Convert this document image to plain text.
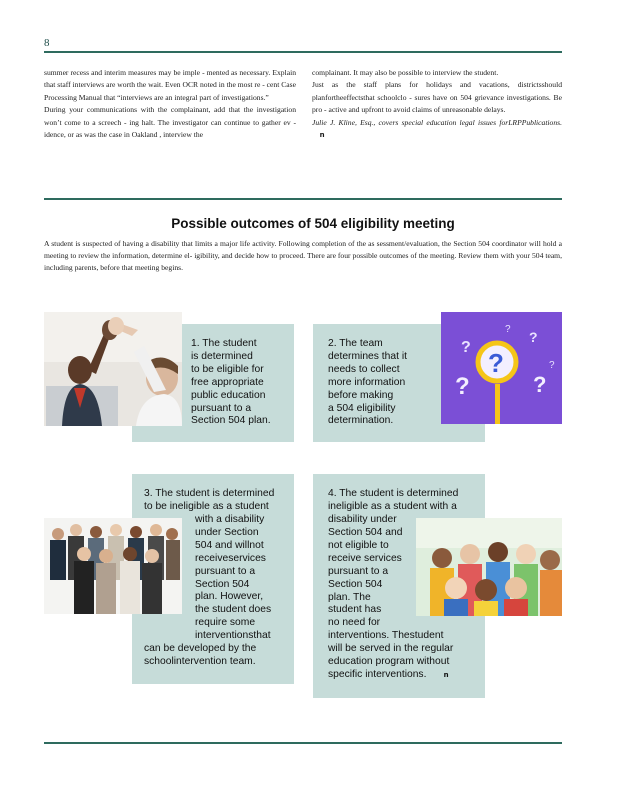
8

summer recess and interim measures may be imple - mented as necessary. Explain that staff interviews are worth the wait. Even OCR noted in the most re - cent Case Processing Manual that “interviews are an integral part of investigations.”

During your communications with the complainant, add that the investigation won’t come to a screech - ing halt. The investigator can continue to gather ev - idence, or as was the case in Oakland , interview the

complainant. It may also be possible to interview the student.

Just as the staff plans for holidays and vacations, districtsshould planfortheeffectsthat schoolclo - sures have on 504 grievance investigations. Be pro - active and upfront to avoid claims of unreasonable delays.

Julie J. Kline, Esq., covers special education legal issues forLRPPublications.     n

Possible outcomes of 504 eligibility meeting
A student is suspected of having a disability that limits a major life activity. Following completion of the as sessment/evaluation, the Section 504 coordinator will hold a meeting to review the information, determine el- igibility, and decide how to proceed. There are four possible outcomes of the meeting. Review them with your 504 team, including parents, before that meeting begins.
1. The student
is determined
to be eligible for
free appropriate
public education
pursuant to a
Section 504 plan.
?
?
?	?
?
?
?
2. The team
determines that it
needs to collect
more information
before making
a 504 eligibility
determination.
3. The student is determined
to be ineligible as a student
with a disability
under Section
504 and willnot
receiveservices
pursuant to a
Section 504
plan. However,
the student does
require some
interventionsthat
can be developed by the
schoolintervention team.
4. The student is determined
ineligible as a student with a
disability under
Section 504 and
not eligible to
receive services
pursuant to a
Section 504
plan. The
student has
no need for
interventions. Thestudent
will be served in the regular
education program without
specific interventions. n
